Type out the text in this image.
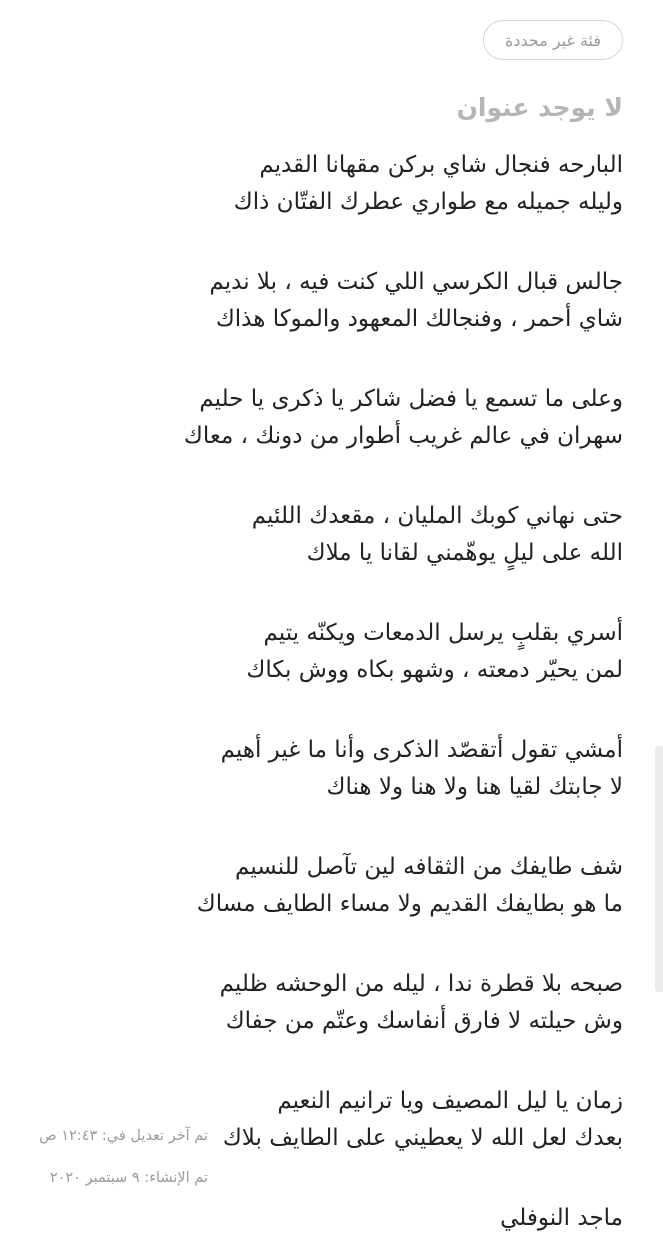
فئة غير محددة
لا يوجد عنوان
البارحه فنجال شاي بركن مقهانا القديم
وليله جميله مع طواري عطرك الفتّان ذاك
جالس قبال الكرسي اللي كنت فيه ، بلا نديم
شاي أحمر ، وفنجالك المعهود والموكا هذاك
وعلى ما تسمع يا فضل شاكر يا ذكرى يا حليم
سهران في عالم غريب أطوار من دونك ، معاك
حتى نهاني كوبك المليان ، مقعدك اللئيم
الله على ليلٍ يوهّمني لقانا يا ملاك
أسري بقلبٍ يرسل الدمعات ويكنّه يتيم
لمن يحيّر دمعته ، وشهو بكاه ووش بكاك
أمشي تقول أتقصّد الذكرى وأنا ما غير أهيم
لا جابتك لقيا هنا ولا هنا ولا هناك
شف طايفك من الثقافه لين تآصل للنسيم
ما هو بطايفك القديم ولا مساء الطايف مساك
صبحه بلا قطرة ندا ، ليله من الوحشه ظليم
وش حيلته لا فارق أنفاسك وعتّم من جفاك
زمان يا ليل المصيف ويا ترانيم النعيم
بعدك لعل الله لا يعطيني على الطايف بلاك
ماجد النوفلي
تم آخر تعديل في: ١٢:٤٣ ص
تم الإنشاء: ٩ سبتمبر ٢٠٢٠
